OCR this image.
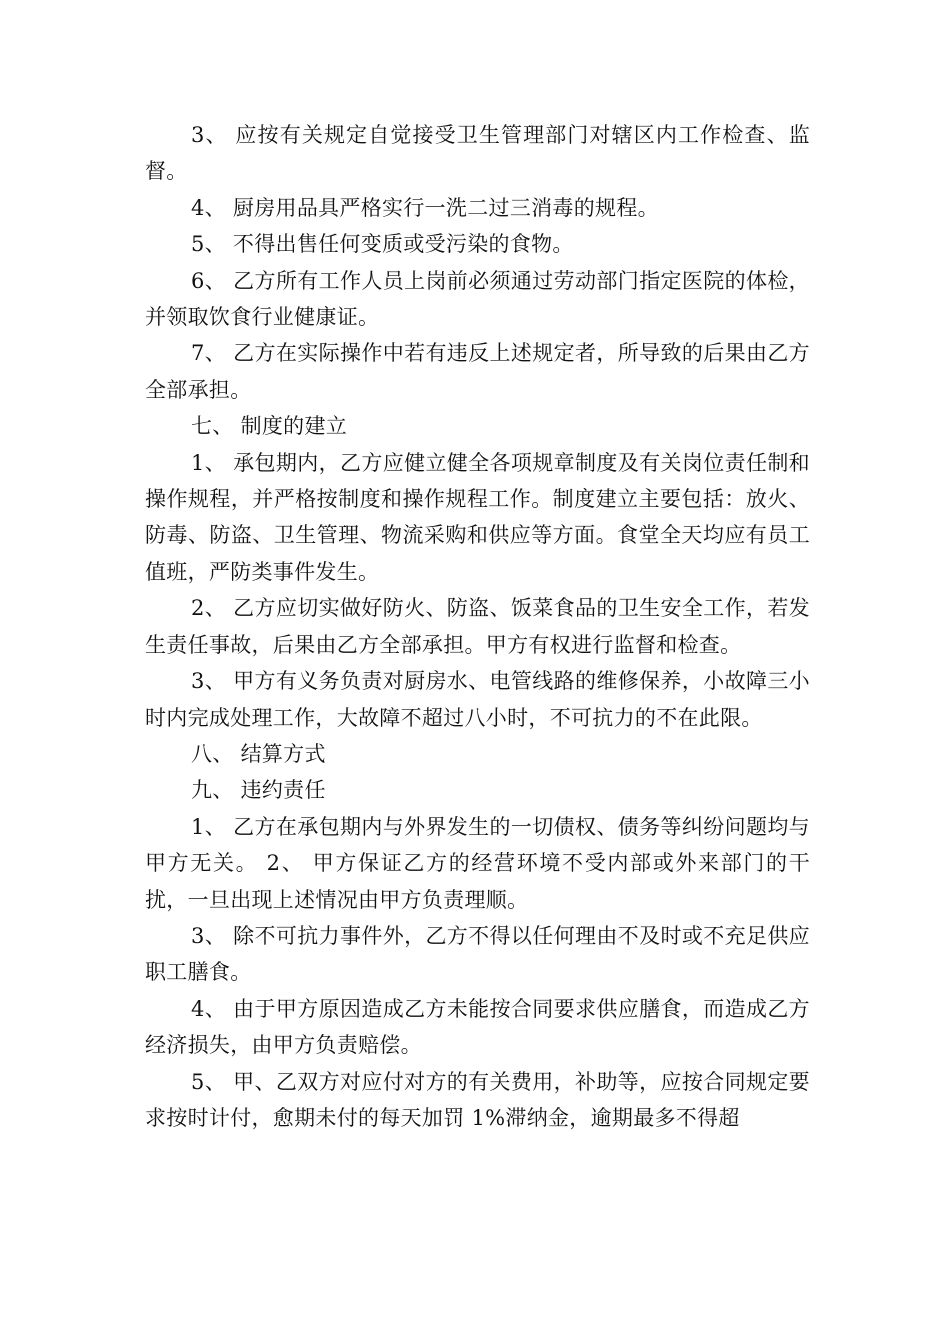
3、 应按有关规定自觉接受卫生管理部门对辖区内工作检查、监督。

4、 厨房用品具严格实行一洗二过三消毒的规程。

5、 不得出售任何变质或受污染的食物。

6、 乙方所有工作人员上岗前必须通过劳动部门指定医院的体检，并领取饮食行业健康证。

7、 乙方在实际操作中若有违反上述规定者，所导致的后果由乙方全部承担。

七、 制度的建立

1、 承包期内，乙方应健立健全各项规章制度及有关岗位责任制和操作规程，并严格按制度和操作规程工作。制度建立主要包括：放火、防毒、防盗、卫生管理、物流采购和供应等方面。食堂全天均应有员工值班，严防类事件发生。

2、 乙方应切实做好防火、防盗、饭菜食品的卫生安全工作，若发生责任事故，后果由乙方全部承担。甲方有权进行监督和检查。

3、 甲方有义务负责对厨房水、电管线路的维修保养，小故障三小时内完成处理工作，大故障不超过八小时，不可抗力的不在此限。

八、 结算方式

九、 违约责任

1、 乙方在承包期内与外界发生的一切债权、债务等纠纷问题均与甲方无关。 2、 甲方保证乙方的经营环境不受内部或外来部门的干扰，一旦出现上述情况由甲方负责理顺。

3、 除不可抗力事件外，乙方不得以任何理由不及时或不充足供应职工膳食。

4、 由于甲方原因造成乙方未能按合同要求供应膳食，而造成乙方经济损失，由甲方负责赔偿。

5、 甲、乙双方对应付对方的有关费用，补助等，应按合同规定要求按时计付，愈期未付的每天加罚 1%滞纳金，逾期最多不得超
